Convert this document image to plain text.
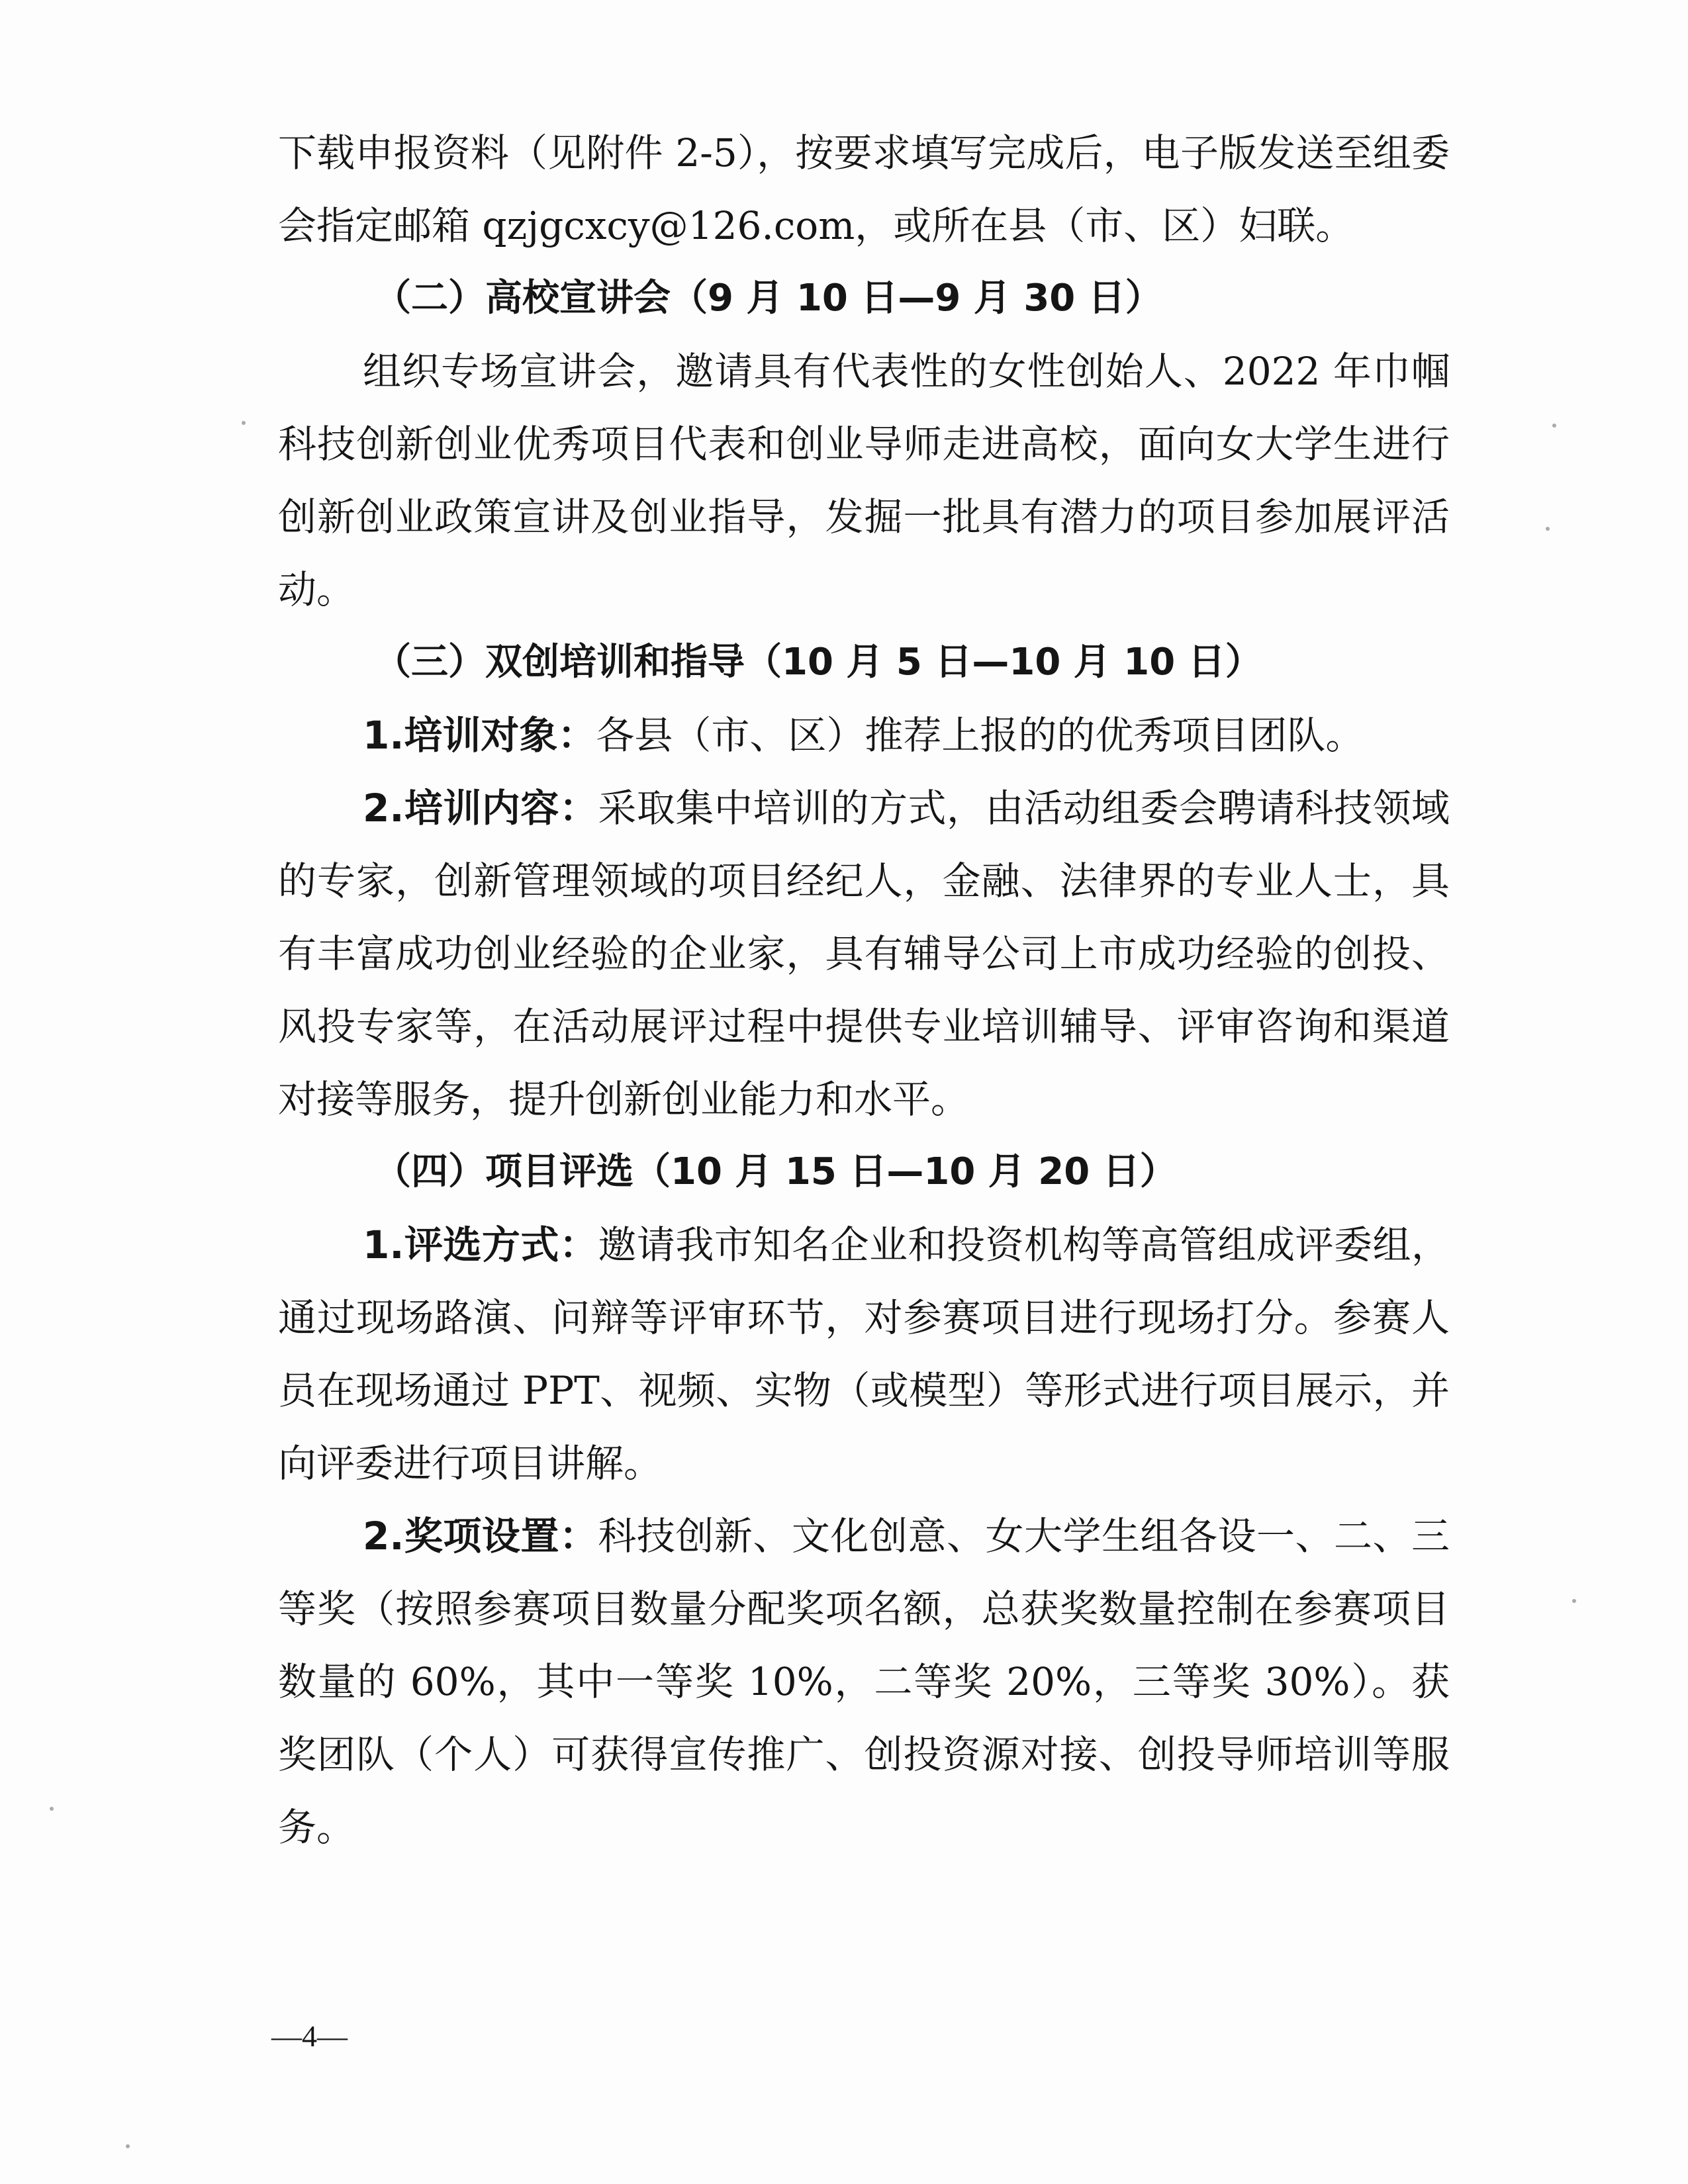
下载申报资料（见附件 2-5），按要求填写完成后，电子版发送至组委会指定邮箱 qzjgcxcy@126.com，或所在县（市、区）妇联。

（二）高校宣讲会（9 月 10 日—9 月 30 日）

组织专场宣讲会，邀请具有代表性的女性创始人、2022 年巾帼科技创新创业优秀项目代表和创业导师走进高校，面向女大学生进行创新创业政策宣讲及创业指导，发掘一批具有潜力的项目参加展评活动。

（三）双创培训和指导（10 月 5 日—10 月 10 日）

1.培训对象：各县（市、区）推荐上报的的优秀项目团队。

2.培训内容：采取集中培训的方式，由活动组委会聘请科技领域的专家，创新管理领域的项目经纪人，金融、法律界的专业人士，具有丰富成功创业经验的企业家，具有辅导公司上市成功经验的创投、风投专家等，在活动展评过程中提供专业培训辅导、评审咨询和渠道对接等服务，提升创新创业能力和水平。

（四）项目评选（10 月 15 日—10 月 20 日）

1.评选方式：邀请我市知名企业和投资机构等高管组成评委组，通过现场路演、问辩等评审环节，对参赛项目进行现场打分。参赛人员在现场通过 PPT、视频、实物（或模型）等形式进行项目展示，并向评委进行项目讲解。

2.奖项设置：科技创新、文化创意、女大学生组各设一、二、三等奖（按照参赛项目数量分配奖项名额，总获奖数量控制在参赛项目数量的 60%，其中一等奖 10%，二等奖 20%，三等奖 30%）。获奖团队（个人）可获得宣传推广、创投资源对接、创投导师培训等服务。

—4—
